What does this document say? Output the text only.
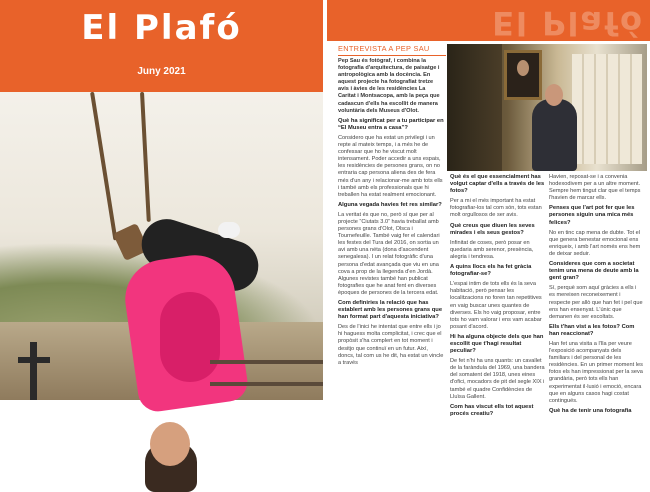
El Plafó
Juny 2021
El Plafó
ENTREVISTA A PEP SAU

Pep Sau és fotògraf, i combina la fotografia d'arquitectura, de paisatge i antropològica amb la docència. En aquest projecte ha fotografiat tretze avis i àvies de les residències La Caritat i Montsacopa, amb la peça que cadascun d'ells ha escollit de manera voluntària dels Museus d'Olot.

Què ha significat per a tu participar en “El Museu entra a casa”?

Considero que ha estat un privilegi i un repte al mateix temps, i a més he de confessar que ho he viscut molt intensament. Poder accedir a uns espais, les residències de persones grans, on no entraria cap persona aliena des de fera més d'un any i relacionar-me amb tots ells i també amb els professionals que hi treballen ha estat realment emocionant.

Alguna vegada havies fet res similar?

La veritat és que no, però sí que per al projecte “Ciutats 3.0” havia treballat amb persones grans d'Olot, Olsca i Tournefeuille. També vaig fer el calendari les festes del Tura del 2016, on sortia un avi amb una néta (dona d'ascendent senegalesa). I un relat fotogràfic d'una persona d'edat avançada que viu en una cova a prop de la llegenda d'en Jordà. Algunes revistes també han publicat fotografies que he anat fent en diverses èpoques de persones de la tercera edat.

Com definiries la relació que has establert amb les persones grans que han format part d'aquesta iniciativa?

Des de l'inici he intentat que entre ells i jo hi haguess molta complicitat, i crec que el propòsit s'ha complert en tot moment i desitjo que continuï en un futur. Així, doncs, tal com us he dit, ha estat un vincle a través

Què és el que essencialment has volgut captar d'ells a través de les fotos?

Per a mi el més important ha estat fotografiar-los tal com són, tots estan molt orgullosos de ser avis.

Què creus que diuen les seves mirades i els seus gestos?

Infinitat de coses, però posar en quedaria amb serenor, presència, alegria i tendresa.

A quins llocs els ha fet gràcia fotografiar-se?

L'espai intim de tots ells és la seva habitació, però pensar les localitzacions no foren tan repetitives en vaig buscar unes quantes de diverses. Els ho vaig proposar, entre tots ho vam valorar i ens vam acabar posant d'acord.

Hi ha alguna objecte dels que han escollit que t'hagi resultat peculiar?

De fet n'hi ha uns quants: un cavallet de la faràndula del 1969, una bandera del somatent del 1918, unes eines d'ofici, mocadors de pit del segle XIX i també el quadre Confidències de Lluïsa Gallent.

Com has viscut ells tot aquest procés creatiu?

Havien, reposat-se i a convenia hodexodivem per a un altre moment. Sempre hem tingut clar que el temps l'havien de marcar ells.

Penses que l'art pot fer que les persones siguin una mica més felices?

No en tinc cap mena de dubte. Tot el que genera benestar emocional ens enriqueix, i amb l'art només ens hem de deixar seduir.

Consideres que com a societat tenim una mena de deute amb la gent gran?

Sí, perquè som aquí gràcies a ells i es mereixen reconeixement i respecte per allò que han fet i pel que ens han ensenyat. L'únic que demanen és ser escoltats.

Ells t'han vist a les fotos? Com han reaccionat?

Han fet una visita a l'Ila per veure l'exposició acompanyats dels familiars i del personal de les residències. En un primer moment les fotos els han impressionat per la seva grandària, però tots ells han experimentat il·lusió i emoció, encara que en alguns casos hagi costat contingués.

Què ha de tenir una fotografia
